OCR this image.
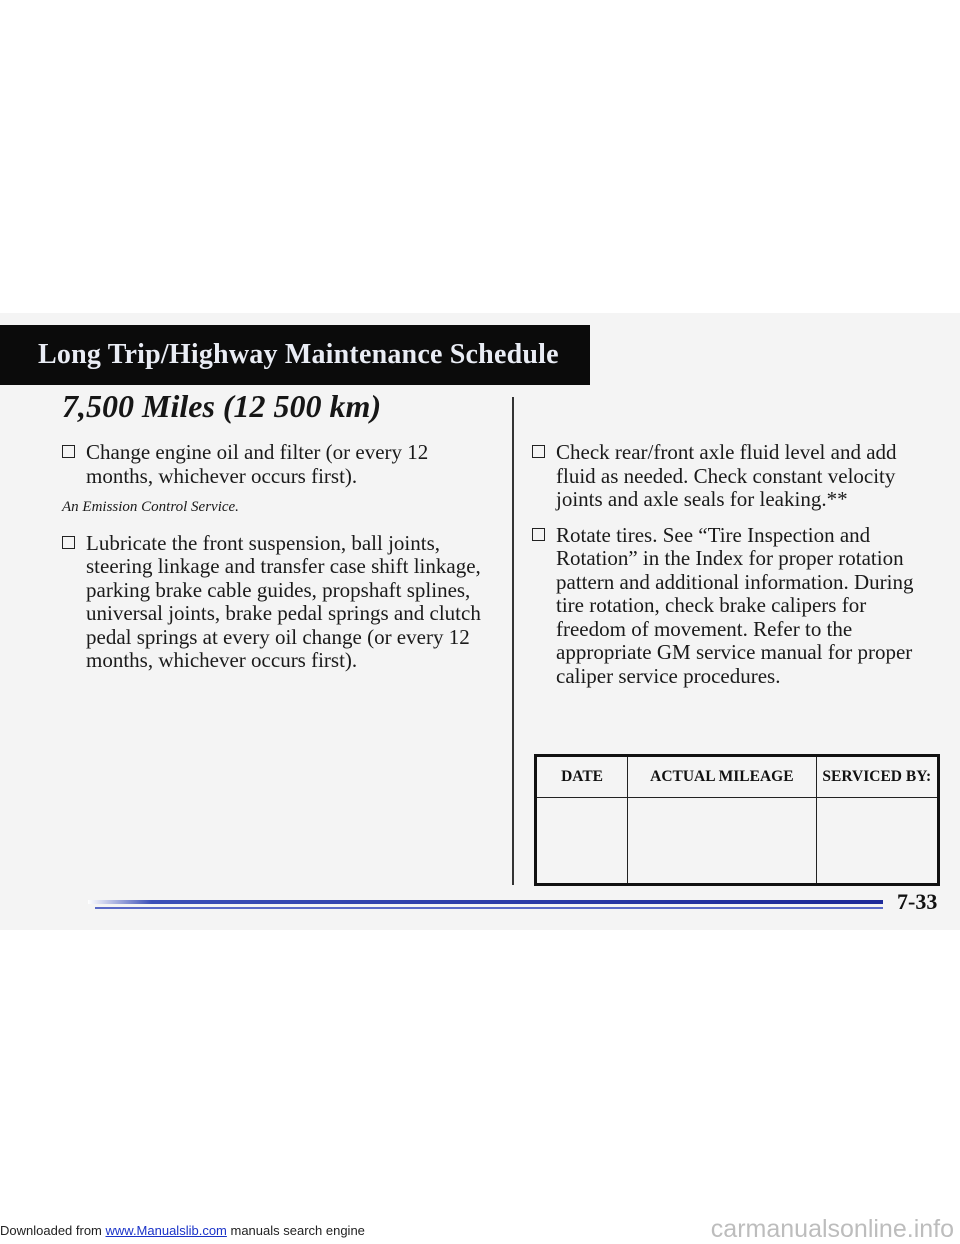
Long Trip/Highway Maintenance Schedule
7,500 Miles (12 500 km)
Change engine oil and filter (or every 12 months, whichever occurs first).
An Emission Control Service.
Lubricate the front suspension, ball joints, steering linkage and transfer case shift linkage, parking brake cable guides, propshaft splines, universal joints, brake pedal springs and clutch pedal springs at every oil change (or every 12 months, whichever occurs first).
Check rear/front axle fluid level and add fluid as needed. Check constant velocity joints and axle seals for leaking.**
Rotate tires. See “Tire Inspection and Rotation” in the Index for proper rotation pattern and additional information. During tire rotation, check brake calipers for freedom of movement. Refer to the appropriate GM service manual for proper caliper service procedures.
DATE	ACTUAL MILEAGE	SERVICED BY:

7-33
Downloaded from www.Manualslib.com manuals search engine	carmanualsonline.info
